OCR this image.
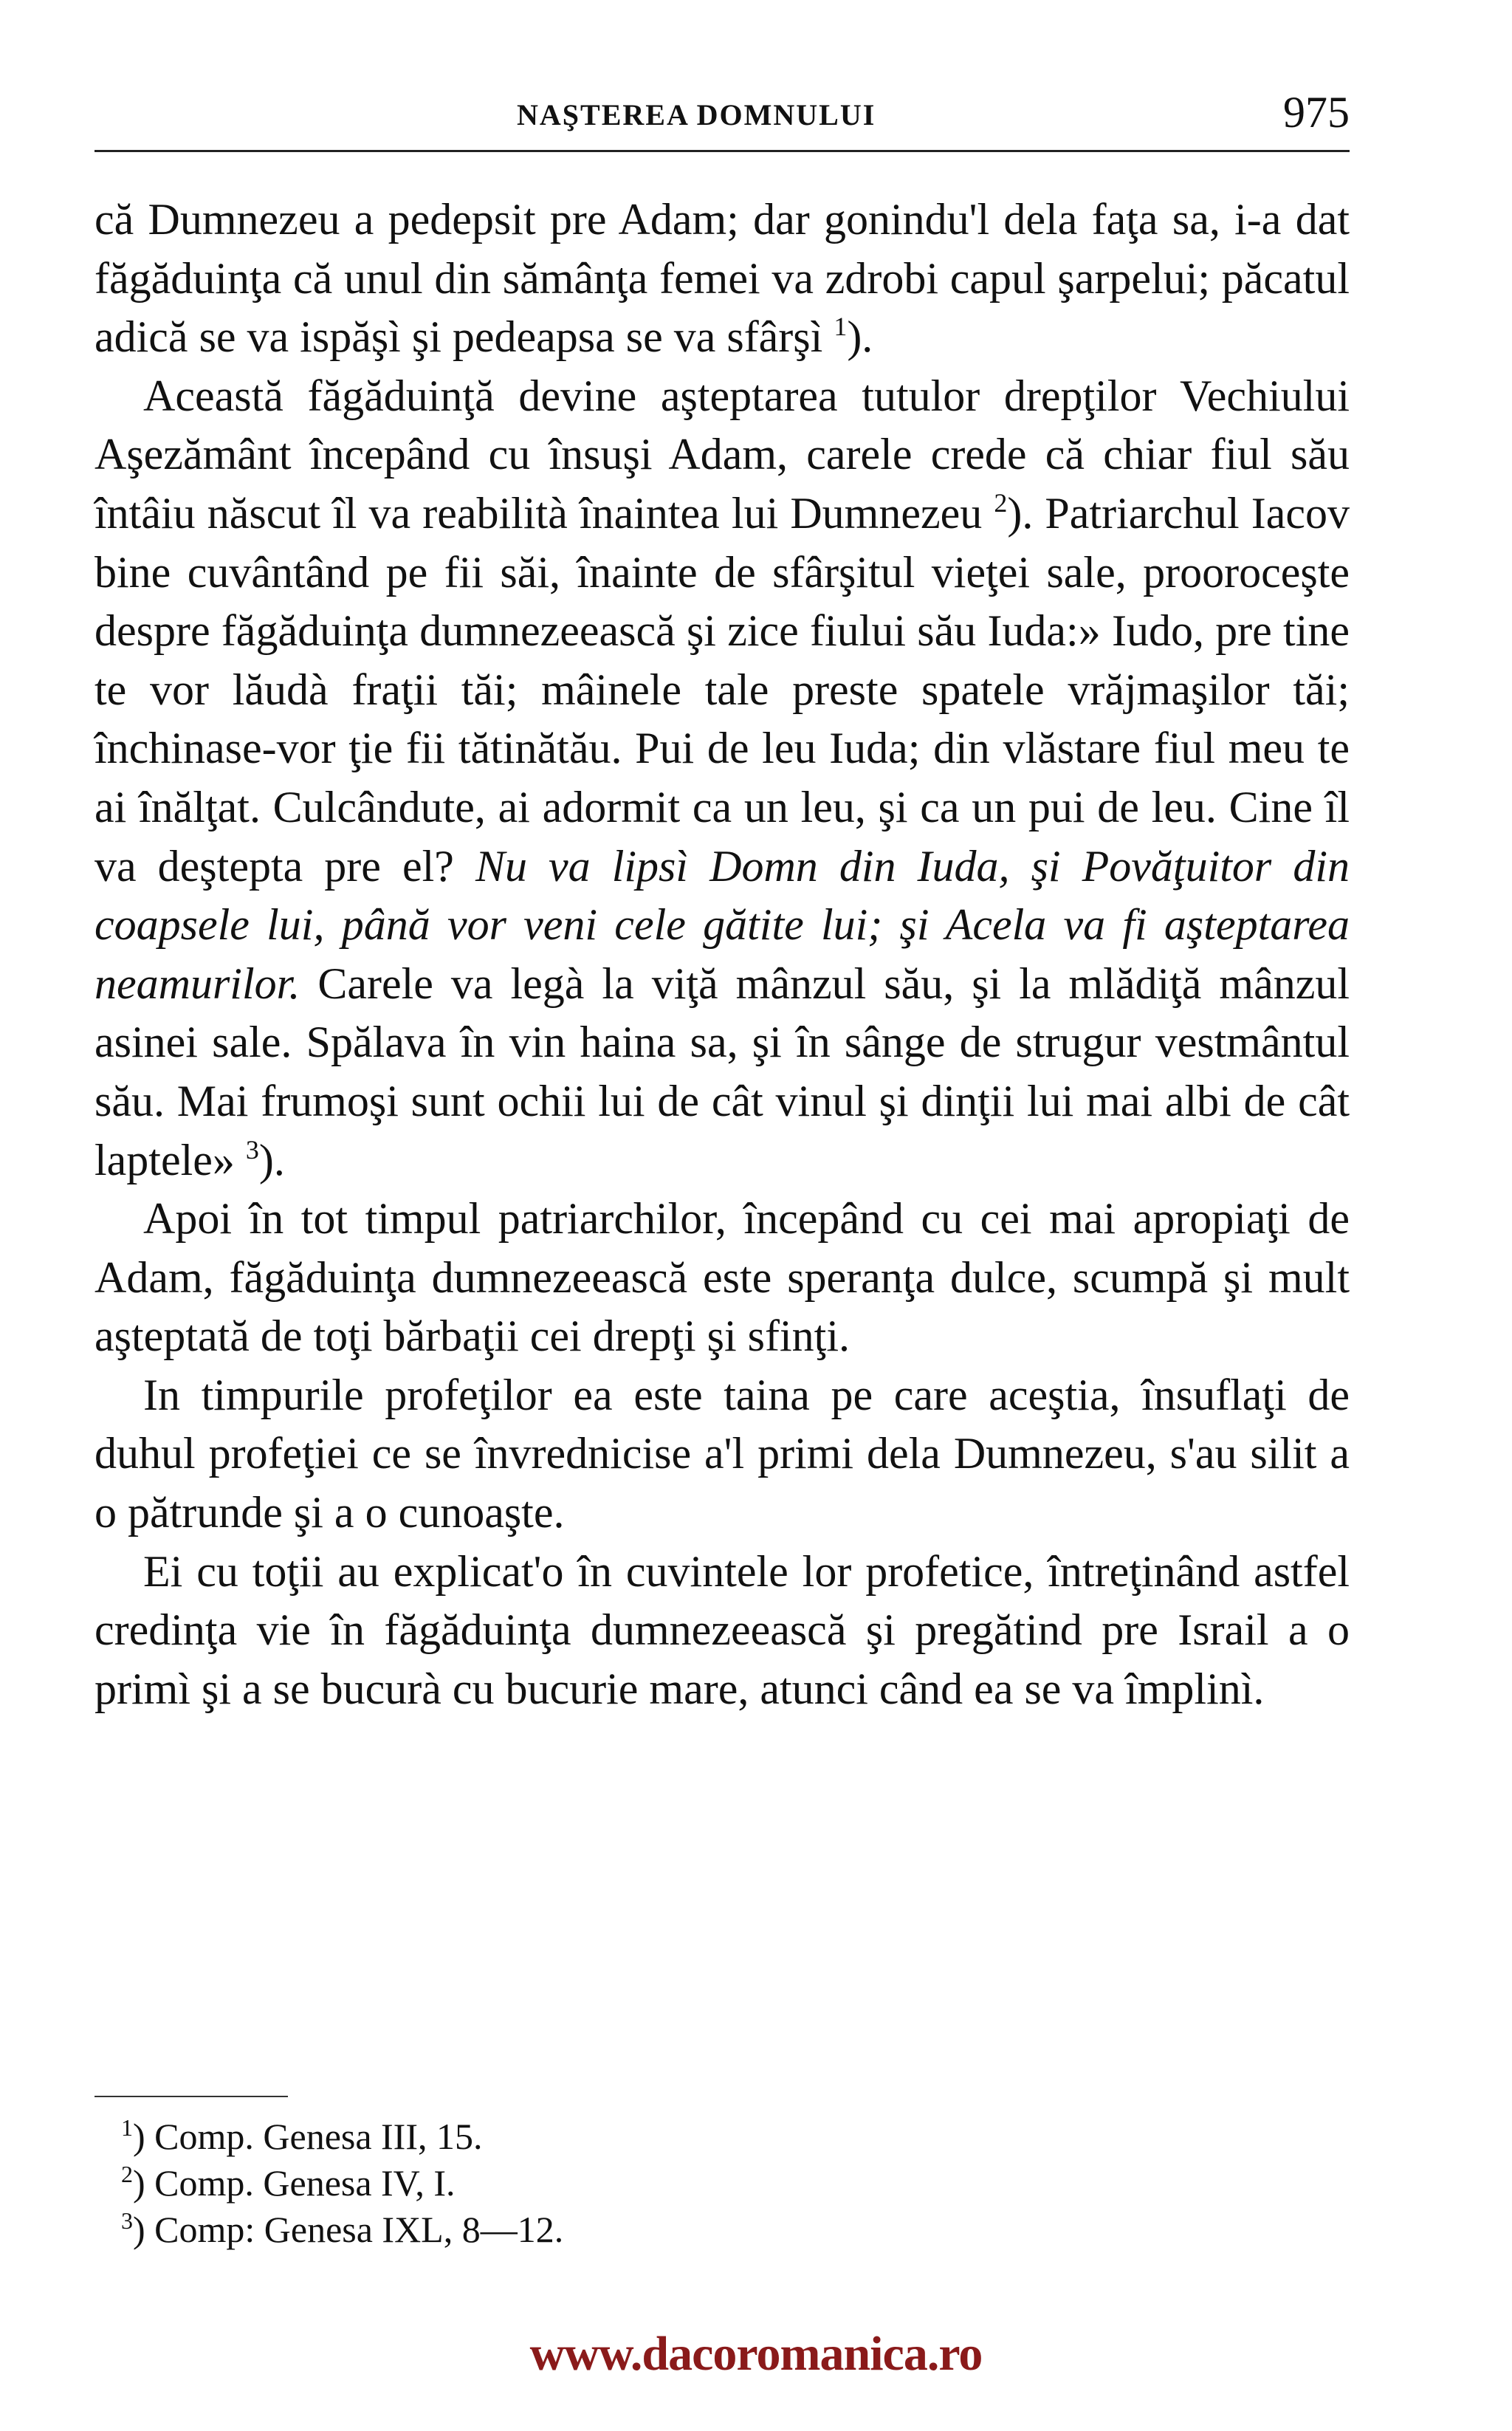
NAŞTEREA DOMNULUI	975

că Dumnezeu a pedepsit pre Adam; dar gonindu'l dela faţa sa, i-a dat făgăduinţa că unul din sămânţa femei va zdrobi capul şarpelui; păcatul adică se va ispăşì şi pedeapsa se va sfârşì $^1$).

Această făgăduinţă devine aşteptarea tutulor drepţilor Vechiului Aşezământ începând cu însuşi Adam, carele crede că chiar fiul său întâiu născut îl va reabilità înaintea lui Dumnezeu $^2$). Patriarchul Iacov bine cuvântând pe fii săi, înainte de sfârşitul vieţei sale, prooroceşte despre făgăduinţa dumnezeească şi zice fiului său Iuda:» Iudo, pre tine te vor lăudà fraţii tăi; mâinele tale preste spatele vrăjmaşilor tăi; închinase-vor ţie fii tătinătău. Pui de leu Iuda; din vlăstare fiul meu te ai înălţat. Culcândute, ai adormit ca un leu, şi ca un pui de leu. Cine îl va deştepta pre el? Nu va lipsì Domn din Iuda, şi Povăţuitor din coapsele lui, până vor veni cele gătite lui; şi Acela va fi aşteptarea neamurilor. Carele va legà la viţă mânzul său, şi la mlădiţă mânzul asinei sale. Spălava în vin haina sa, şi în sânge de strugur vestmântul său. Mai frumoşi sunt ochii lui de cât vinul şi dinţii lui mai albi de cât laptele» $^3$).

Apoi în tot timpul patriarchilor, începând cu cei mai apropiaţi de Adam, făgăduinţa dumnezeească este speranţa dulce, scumpă şi mult aşteptată de toţi bărbaţii cei drepţi şi sfinţi.

In timpurile profeţilor ea este taina pe care aceştia, însuflaţi de duhul profeţiei ce se învrednicise a'l primi dela Dumnezeu, s'au silit a o pătrunde şi a o cunoaşte.

Ei cu toţii au explicat'o în cuvintele lor profetice, întreţinând astfel credinţa vie în făgăduinţa dumnezeească şi pregătind pre Israil a o primì şi a se bucurà cu bucurie mare, atunci când ea se va împlinì.

$^1$) Comp. Genesa III, 15.
$^2$) Comp. Genesa IV, I.
$^3$) Comp: Genesa IXL, 8—12.
www.dacoromanica.ro
